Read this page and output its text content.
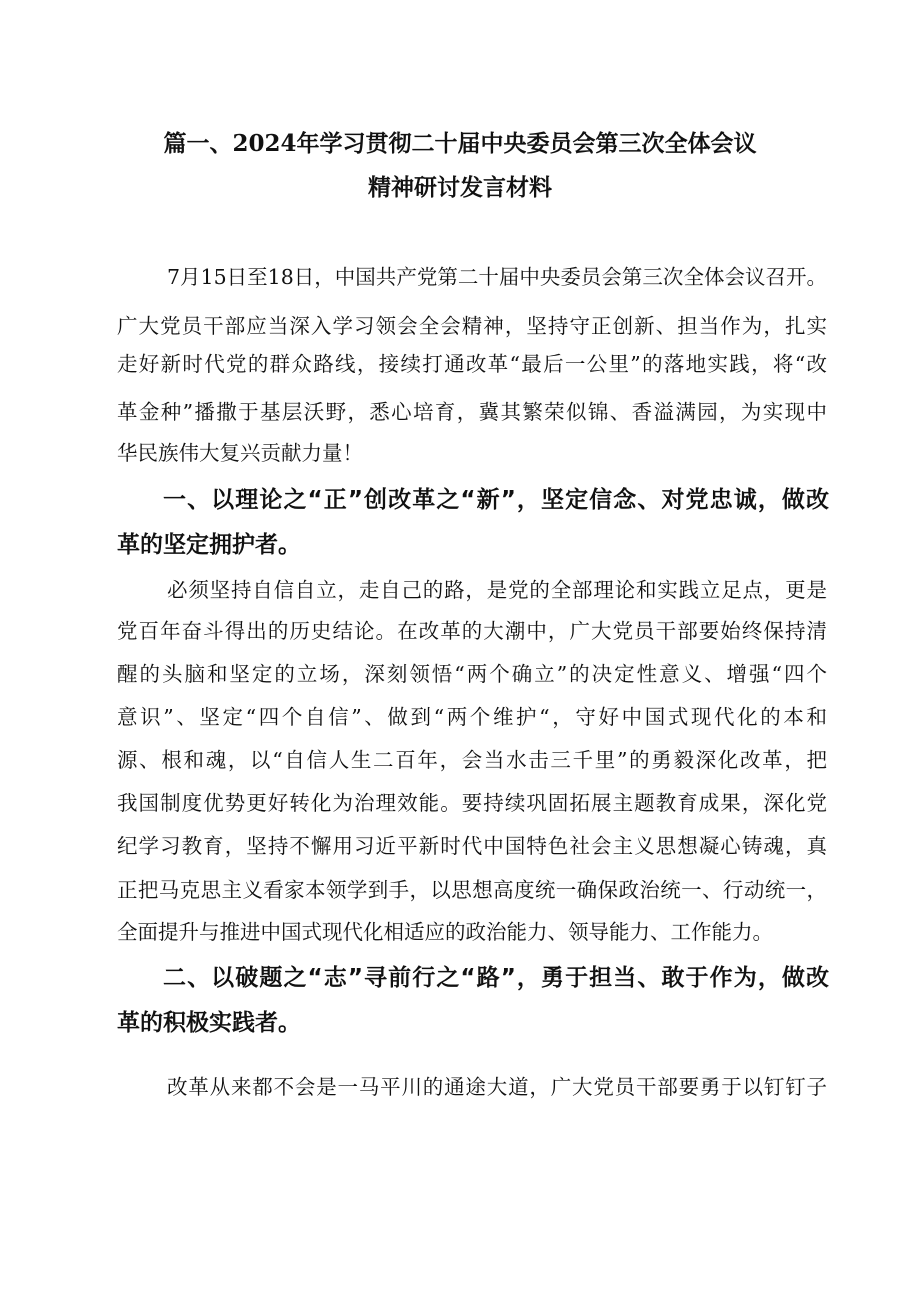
篇一、2024年学习贯彻二十届中央委员会第三次全体会议
精神研讨发言材料
7月15日至18日，中国共产党第二十届中央委员会第三次全体会议召开。
广大党员干部应当深入学习领会全会精神，坚持守正创新、担当作为，扎实
走好新时代党的群众路线，接续打通改革“最后一公里”的落地实践，将“改
革金种”播撒于基层沃野，悉心培育，冀其繁荣似锦、香溢满园，为实现中
华民族伟大复兴贡献力量！
一、以理论之“正”创改革之“新”，坚定信念、对党忠诚，做改
革的坚定拥护者。
必须坚持自信自立，走自己的路，是党的全部理论和实践立足点，更是
党百年奋斗得出的历史结论。在改革的大潮中，广大党员干部要始终保持清
醒的头脑和坚定的立场，深刻领悟“两个确立”的决定性意义、增强“四个
意识”、坚定“四个自信”、做到“两个维护“，守好中国式现代化的本和
源、根和魂，以“自信人生二百年，会当水击三千里”的勇毅深化改革，把
我国制度优势更好转化为治理效能。要持续巩固拓展主题教育成果，深化党
纪学习教育，坚持不懈用习近平新时代中国特色社会主义思想凝心铸魂，真
正把马克思主义看家本领学到手，以思想高度统一确保政治统一、行动统一，
全面提升与推进中国式现代化相适应的政治能力、领导能力、工作能力。
二、以破题之“志”寻前行之“路”，勇于担当、敢于作为，做改
革的积极实践者。
改革从来都不会是一马平川的通途大道，广大党员干部要勇于以钉钉子
